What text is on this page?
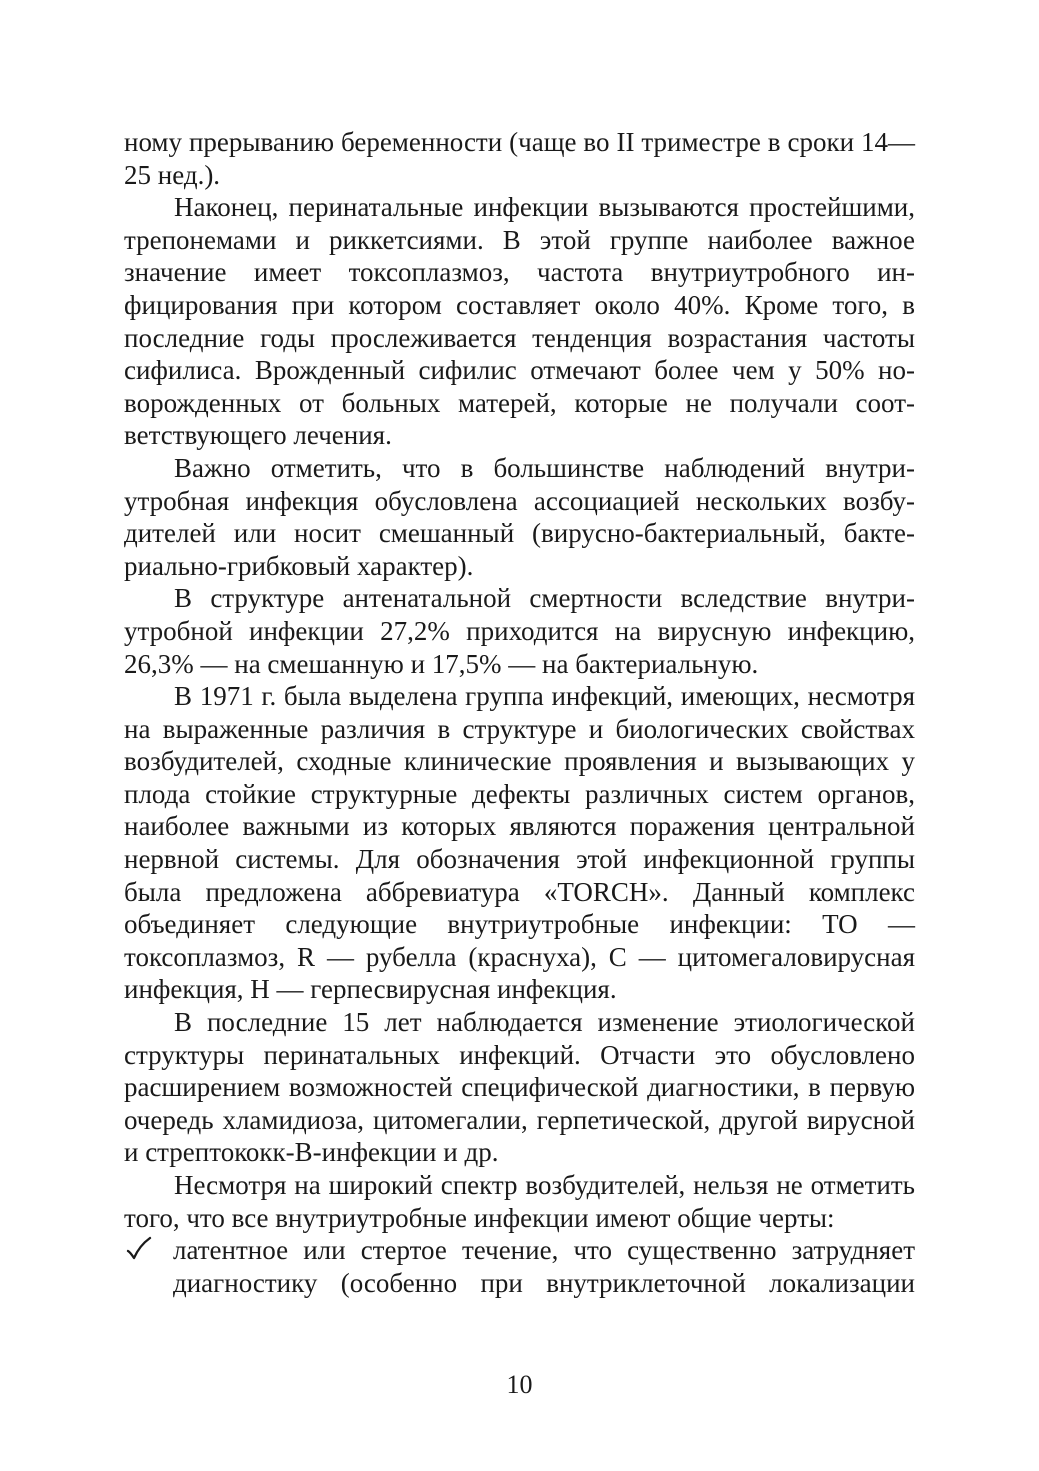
ному прерыванию беременности (чаще во II триместре в сроки 14—25 нед.).

Наконец, перинатальные инфекции вызываются простейшими, трепонемами и риккетсиями. В этой группе наиболее важное значение имеет токсоплазмоз, частота внутриутробного инфицирования при котором составляет около 40%. Кроме того, в последние годы прослеживается тенденция возрастания частоты сифилиса. Врожденный сифилис отмечают более чем у 50% новорожденных от больных матерей, которые не получали соответствующего лечения.

Важно отметить, что в большинстве наблюдений внутриутробная инфекция обусловлена ассоциацией нескольких возбудителей или носит смешанный (вирусно-бактериальный, бактериально-грибковый характер).

В структуре антенатальной смертности вследствие внутриутробной инфекции 27,2% приходится на вирусную инфекцию, 26,3% — на смешанную и 17,5% — на бактериальную.

В 1971 г. была выделена группа инфекций, имеющих, несмотря на выраженные различия в структуре и биологических свойствах возбудителей, сходные клинические проявления и вызывающих у плода стойкие структурные дефекты различных систем органов, наиболее важными из которых являются поражения центральной нервной системы. Для обозначения этой инфекционной группы была предложена аббревиатура «TORCH». Данный комплекс объединяет следующие внутриутробные инфекции: TO — токсоплазмоз, R — рубелла (краснуха), C — цитомегаловирусная инфекция, H — герпесвирусная инфекция.

В последние 15 лет наблюдается изменение этиологической структуры перинатальных инфекций. Отчасти это обусловлено расширением возможностей специфической диагностики, в первую очередь хламидиоза, цитомегалии, герпетической, другой вирусной и стрептококк-В-инфекции и др.

Несмотря на широкий спектр возбудителей, нельзя не отметить того, что все внутриутробные инфекции имеют общие черты:

латентное или стертое течение, что существенно затрудняет диагностику (особенно при внутриклеточной локализации
10
